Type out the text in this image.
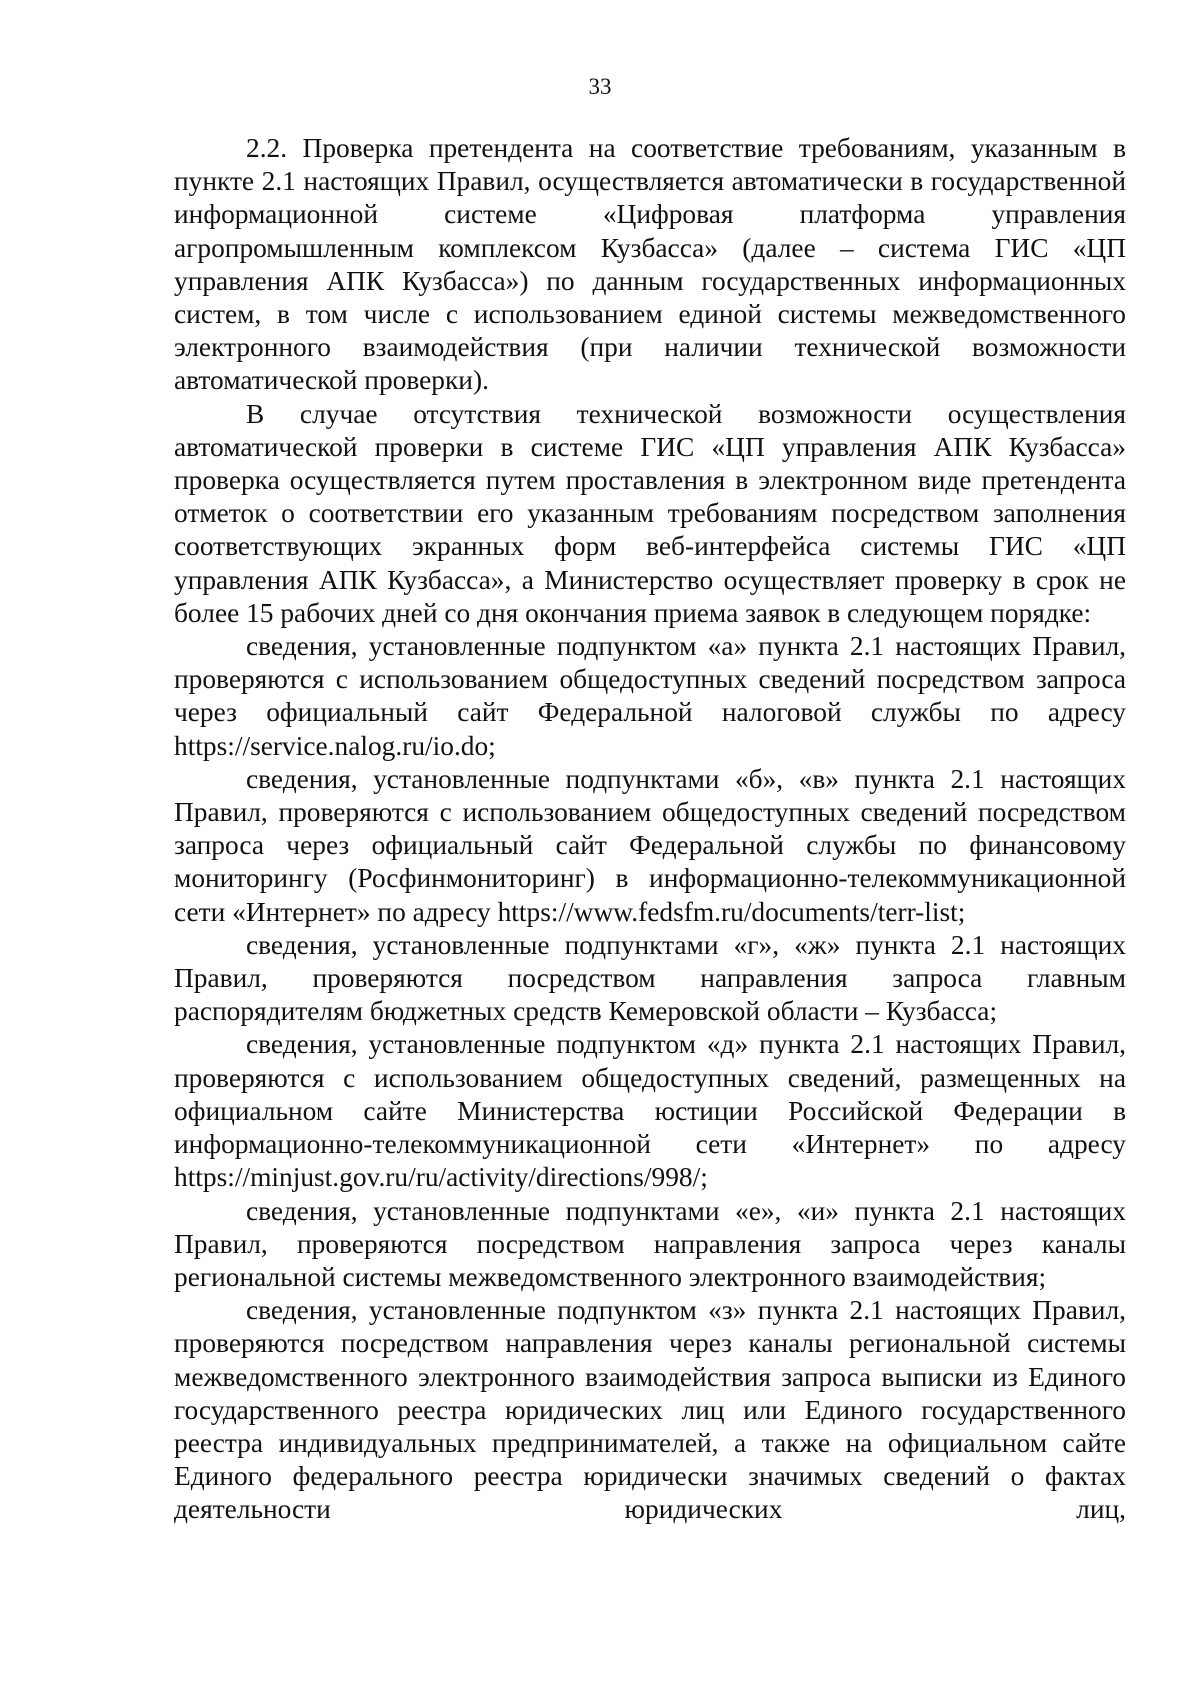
33

2.2. Проверка претендента на соответствие требованиям, указанным в пункте 2.1 настоящих Правил, осуществляется автоматически в государственной информационной системе «Цифровая платформа управления агропромышленным комплексом Кузбасса» (далее – система ГИС «ЦП управления АПК Кузбасса») по данным государственных информационных систем, в том числе с использованием единой системы межведомственного электронного взаимодействия (при наличии технической возможности автоматической проверки).

В случае отсутствия технической возможности осуществления автоматической проверки в системе ГИС «ЦП управления АПК Кузбасса» проверка осуществляется путем проставления в электронном виде претендента отметок о соответствии его указанным требованиям посредством заполнения соответствующих экранных форм веб-интерфейса системы ГИС «ЦП управления АПК Кузбасса», а Министерство осуществляет проверку в срок не более 15 рабочих дней со дня окончания приема заявок в следующем порядке:

сведения, установленные подпунктом «а» пункта 2.1 настоящих Правил, проверяются с использованием общедоступных сведений посредством запроса через официальный сайт Федеральной налоговой службы по адресу https://service.nalog.ru/io.do;

сведения, установленные подпунктами «б», «в» пункта 2.1 настоящих Правил, проверяются с использованием общедоступных сведений посредством запроса через официальный сайт Федеральной службы по финансовому мониторингу (Росфинмониторинг) в информационно-телекоммуникационной сети «Интернет» по адресу https://www.fedsfm.ru/documents/terr-list;

сведения, установленные подпунктами «г», «ж» пункта 2.1 настоящих Правил, проверяются посредством направления запроса главным распорядителям бюджетных средств Кемеровской области – Кузбасса;

сведения, установленные подпунктом «д» пункта 2.1 настоящих Правил, проверяются с использованием общедоступных сведений, размещенных на официальном сайте Министерства юстиции Российской Федерации в информационно-телекоммуникационной сети «Интернет» по адресу https://minjust.gov.ru/ru/activity/directions/998/;

сведения, установленные подпунктами «е», «и» пункта 2.1 настоящих Правил, проверяются посредством направления запроса через каналы региональной системы межведомственного электронного взаимодействия;

сведения, установленные подпунктом «з» пункта 2.1 настоящих Правил, проверяются посредством направления через каналы региональной системы межведомственного электронного взаимодействия запроса выписки из Единого государственного реестра юридических лиц или Единого государственного реестра индивидуальных предпринимателей, а также на официальном сайте Единого федерального реестра юридически значимых сведений о фактах деятельности юридических лиц,
